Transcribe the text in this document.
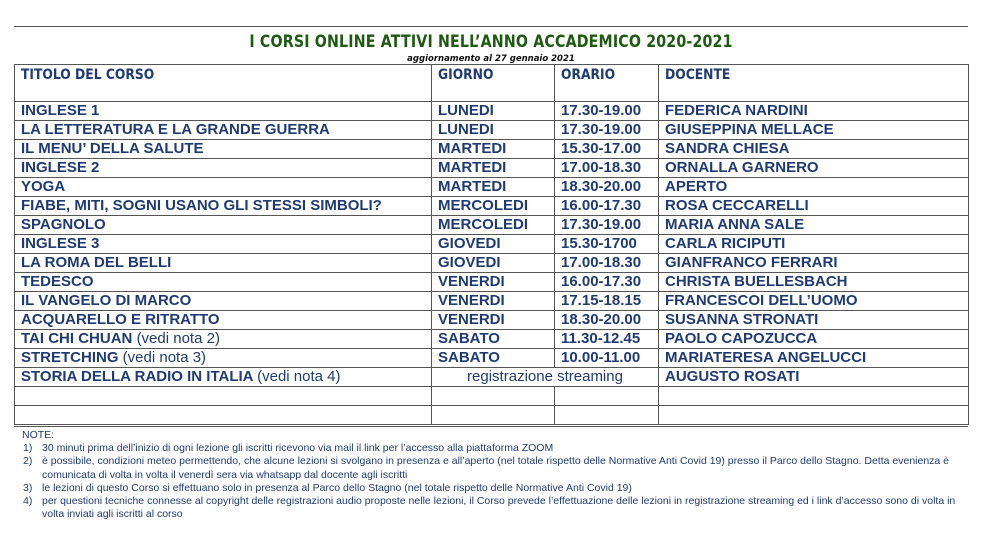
I CORSI ONLINE ATTIVI NELL’ANNO ACCADEMICO 2020-2021
aggiornamento al 27 gennaio 2021
TITOLO DEL CORSO	GIORNO	ORARIO	DOCENTE
INGLESE 1	LUNEDI	17.30-19.00	FEDERICA NARDINI
LA LETTERATURA E LA GRANDE GUERRA	LUNEDI	17.30-19.00	GIUSEPPINA MELLACE
IL MENU’ DELLA SALUTE	MARTEDI	15.30-17.00	SANDRA CHIESA
INGLESE 2	MARTEDI	17.00-18.30	ORNALLA GARNERO
YOGA	MARTEDI	18.30-20.00	APERTO
FIABE, MITI, SOGNI USANO GLI STESSI SIMBOLI?	MERCOLEDI	16.00-17.30	ROSA CECCARELLI
SPAGNOLO	MERCOLEDI	17.30-19.00	MARIA ANNA SALE
INGLESE 3	GIOVEDI	15.30-1700	CARLA RICIPUTI
LA ROMA DEL BELLI	GIOVEDI	17.00-18.30	GIANFRANCO FERRARI
TEDESCO	VENERDI	16.00-17.30	CHRISTA BUELLESBACH
IL VANGELO DI MARCO	VENERDI	17.15-18.15	FRANCESCOI DELL’UOMO
ACQUARELLO E RITRATTO	VENERDI	18.30-20.00	SUSANNA STRONATI
TAI CHI CHUAN (vedi nota 2)	SABATO	11.30-12.45	PAOLO CAPOZUCCA
STRETCHING (vedi nota 3)	SABATO	10.00-11.00	MARIATERESA ANGELUCCI
STORIA DELLA RADIO IN ITALIA (vedi nota 4)	registrazione streaming		AUGUSTO ROSATI

NOTE:
1) 30 minuti prima dell’inizio di ogni lezione gli iscritti ricevono via mail il link per l’accesso alla piattaforma ZOOM
2) è possibile, condizioni meteo permettendo, che alcune lezioni si svolgano in presenza e all’aperto (nel totale rispetto delle Normative Anti Covid 19) presso il Parco dello Stagno. Detta evenienza è comunicata di volta in volta il venerdì sera via whatsapp dal docente agli iscritti
3) le lezioni di questo Corso si effettuano solo in presenza al Parco dello Stagno (nel totale rispetto delle Normative Anti Covid 19)
4) per questioni tecniche connesse al copyright delle registrazioni audio proposte nelle lezioni, il Corso prevede l’effettuazione delle lezioni in registrazione streaming ed i link d’accesso sono di volta in volta inviati agli iscritti al corso
